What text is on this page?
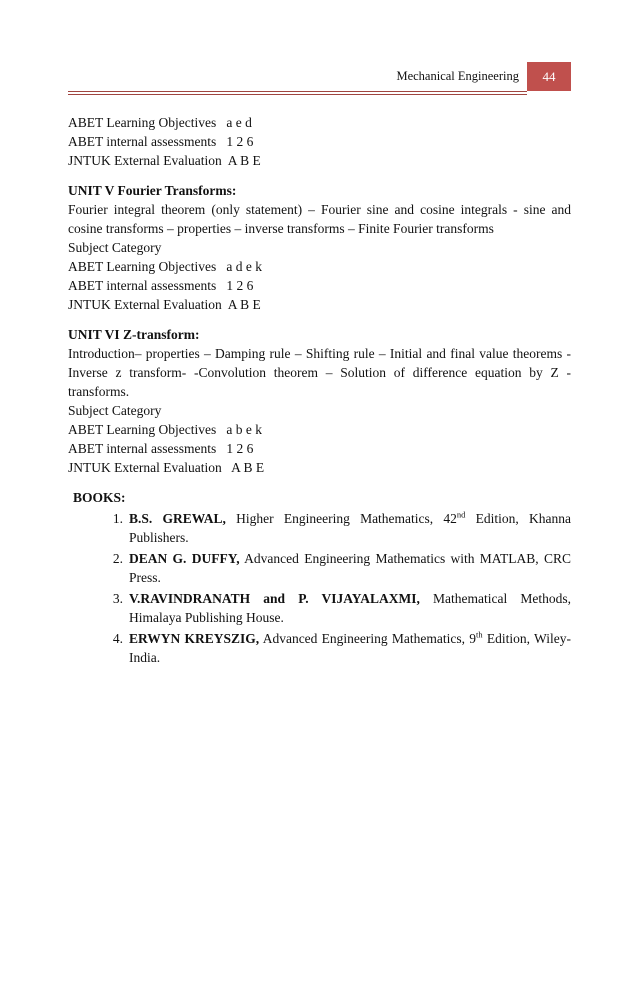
Mechanical Engineering	44
ABET Learning Objectives   a e d
ABET internal assessments   1 2 6
JNTUK External Evaluation  A B E
UNIT V Fourier Transforms:
Fourier integral theorem (only statement) – Fourier sine and cosine integrals - sine and cosine transforms – properties – inverse transforms – Finite Fourier transforms
Subject Category
ABET Learning Objectives   a d e k
ABET internal assessments   1 2 6
JNTUK External Evaluation  A B E
UNIT VI Z-transform:
Introduction– properties – Damping rule – Shifting rule – Initial and final value theorems -Inverse z transform- -Convolution theorem – Solution of difference equation by Z -transforms.
Subject Category
ABET Learning Objectives   a b e k
ABET internal assessments   1 2 6
JNTUK External Evaluation   A B E
BOOKS:
1. B.S. GREWAL, Higher Engineering Mathematics, 42nd Edition, Khanna Publishers.
2. DEAN G. DUFFY, Advanced Engineering Mathematics with MATLAB, CRC Press.
3. V.RAVINDRANATH and P. VIJAYALAXMI, Mathematical Methods, Himalaya Publishing House.
4. ERWYN KREYSZIG, Advanced Engineering Mathematics, 9th Edition, Wiley-India.
